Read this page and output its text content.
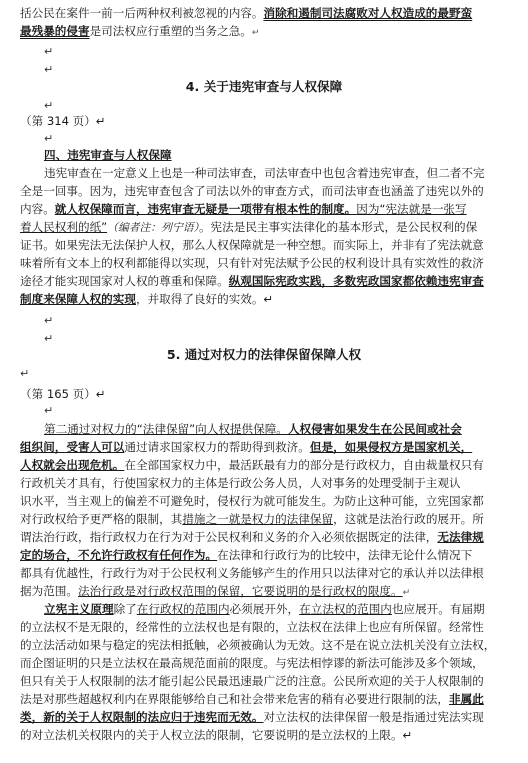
括公民在案件一前一后两种权利被忽视的内容。消除和遏制司法腐败对人权造成的最野蛮
最残暴的侵害是司法权应行重塑的当务之急。↵
↵
↵
4. 关于违宪审查与人权保障
↵
（第 314 页）↵
↵
四、违宪审查与人权保障
违宪审查在一定意义上也是一种司法审查，司法审查中也包含着违宪审查，但二者不完
全是一回事。因为，违宪审查包含了司法以外的审查方式，而司法审查也涵盖了违宪以外的
内容。就人权保障而言，违宪审查无疑是一项带有根本性的制度。因为“宪法就是一张写
着人民权利的纸”（编者注：列宁语）。宪法是民主事实法律化的基本形式，是公民权利的保
证书。如果宪法无法保护人权，那么人权保障就是一种空想。而实际上，并非有了宪法就意
味着所有文本上的权利都能得以实现，只有针对宪法赋予公民的权利设计具有实效性的救济
途径才能实现国家对人权的尊重和保障。纵观国际宪政实践，多数宪政国家都依赖违宪审查
制度来保障人权的实现，并取得了良好的实效。↵
↵
↵
5. 通过对权力的法律保留保障人权
↵
（第 165 页）↵
↵
第二通过对权力的“法律保留”向人权提供保障。人权侵害如果发生在公民间或社会
组织间，受害人可以通过请求国家权力的帮助得到救济。但是，如果侵权方是国家机关，
人权就会出现危机。在全部国家权力中，最活跃最有力的部分是行政权力，自由裁量权只有
行政机关才具有，行使国家权力的主体是行政公务人员，人对事务的处理受制于主观认
识水平，当主观上的偏差不可避免时，侵权行为就可能发生。为防止这种可能，立宪国家都
对行政权给予更严格的限制，其措施之一就是权力的法律保留，这就是法治行政的展开。所
谓法治行政，指行政权力在行为对于公民权利和义务的介入必须依据既定的法律，无法律规
定的场合，不允许行政权有任何作为。在法律和行政行为的比较中，法律无论什么情况下
都具有优越性，行政行为对于公民权利义务能够产生的作用只以法律对它的承认并以法律根
据为范围。法治行政是对行政权范围的保留，它要说明的是行政权的限度。↵
立宪主义原理除了在行政权的范围内必须展开外，在立法权的范围内也应展开。有届期
的立法权不是无限的，经常性的立法权也是有限的，立法权在法律上也应有所保留。经常性
的立法活动如果与稳定的宪法相抵触，必须被确认为无效。这不是在说立法机关没有立法权，
而企图证明的只是立法权在最高规范面前的限度。与宪法相悖谬的新法可能涉及多个领域，
但只有关于人权限制的法才能引起公民最迅速最广泛的注意。公民所欢迎的关于人权限制的
法是对那些超越权利内在界限能够给自己和社会带来危害的稍有必要进行限制的法，非属此
类，新的关于人权限制的法应归于违宪而无效。对立法权的法律保留一般是指通过宪法实现
的对立法机关权限内的关于人权立法的限制，它要说明的是立法权的上限。↵
